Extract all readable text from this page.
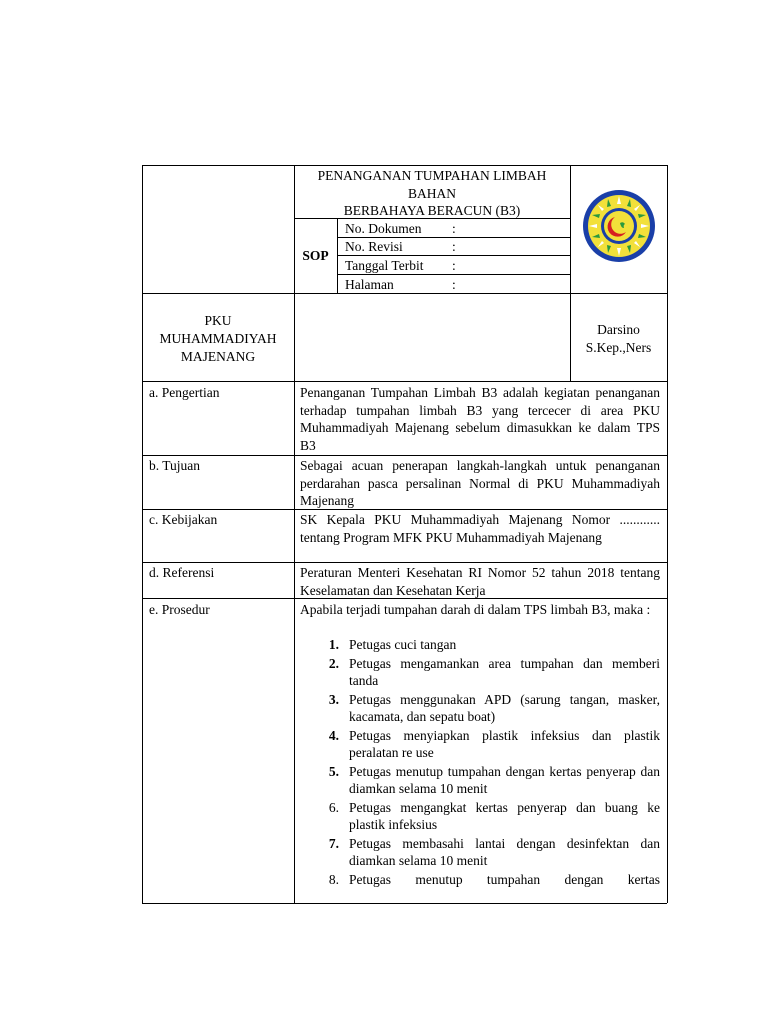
PENANGANAN TUMPAHAN LIMBAH
BAHAN
BERBAHAYA BERACUN (B3)
SOP
No. Dokumen :
No. Revisi	:
Tanggal Terbit :
Halaman	:
PKU
MUHAMMADIYAH
MAJENANG
Darsino
S.Kep.,Ners
a. Pengertian	Penanganan Tumpahan Limbah B3 adalah kegiatan penanganan terhadap tumpahan limbah B3 yang tercecer di area PKU Muhammadiyah Majenang sebelum dimasukkan ke dalam TPS B3
b. Tujuan	Sebagai acuan penerapan langkah-langkah untuk penanganan perdarahan pasca persalinan Normal di PKU Muhammadiyah Majenang
c. Kebijakan	SK Kepala PKU Muhammadiyah Majenang Nomor ............ tentang Program MFK PKU Muhammadiyah Majenang
d. Referensi	Peraturan Menteri Kesehatan RI Nomor 52 tahun 2018 tentang Keselamatan dan Kesehatan Kerja
e. Prosedur	Apabila terjadi tumpahan darah di dalam TPS limbah B3, maka :
1. Petugas cuci tangan
2. Petugas mengamankan area tumpahan dan memberi tanda
3. Petugas menggunakan APD (sarung tangan, masker, kacamata, dan sepatu boat)
4. Petugas menyiapkan plastik infeksius dan plastik peralatan re use
5. Petugas menutup tumpahan dengan kertas penyerap dan diamkan selama 10 menit
6. Petugas mengangkat kertas penyerap dan buang ke plastik infeksius
7. Petugas membasahi lantai dengan desinfektan dan diamkan selama 10 menit
8. Petugas menutup tumpahan dengan kertas
